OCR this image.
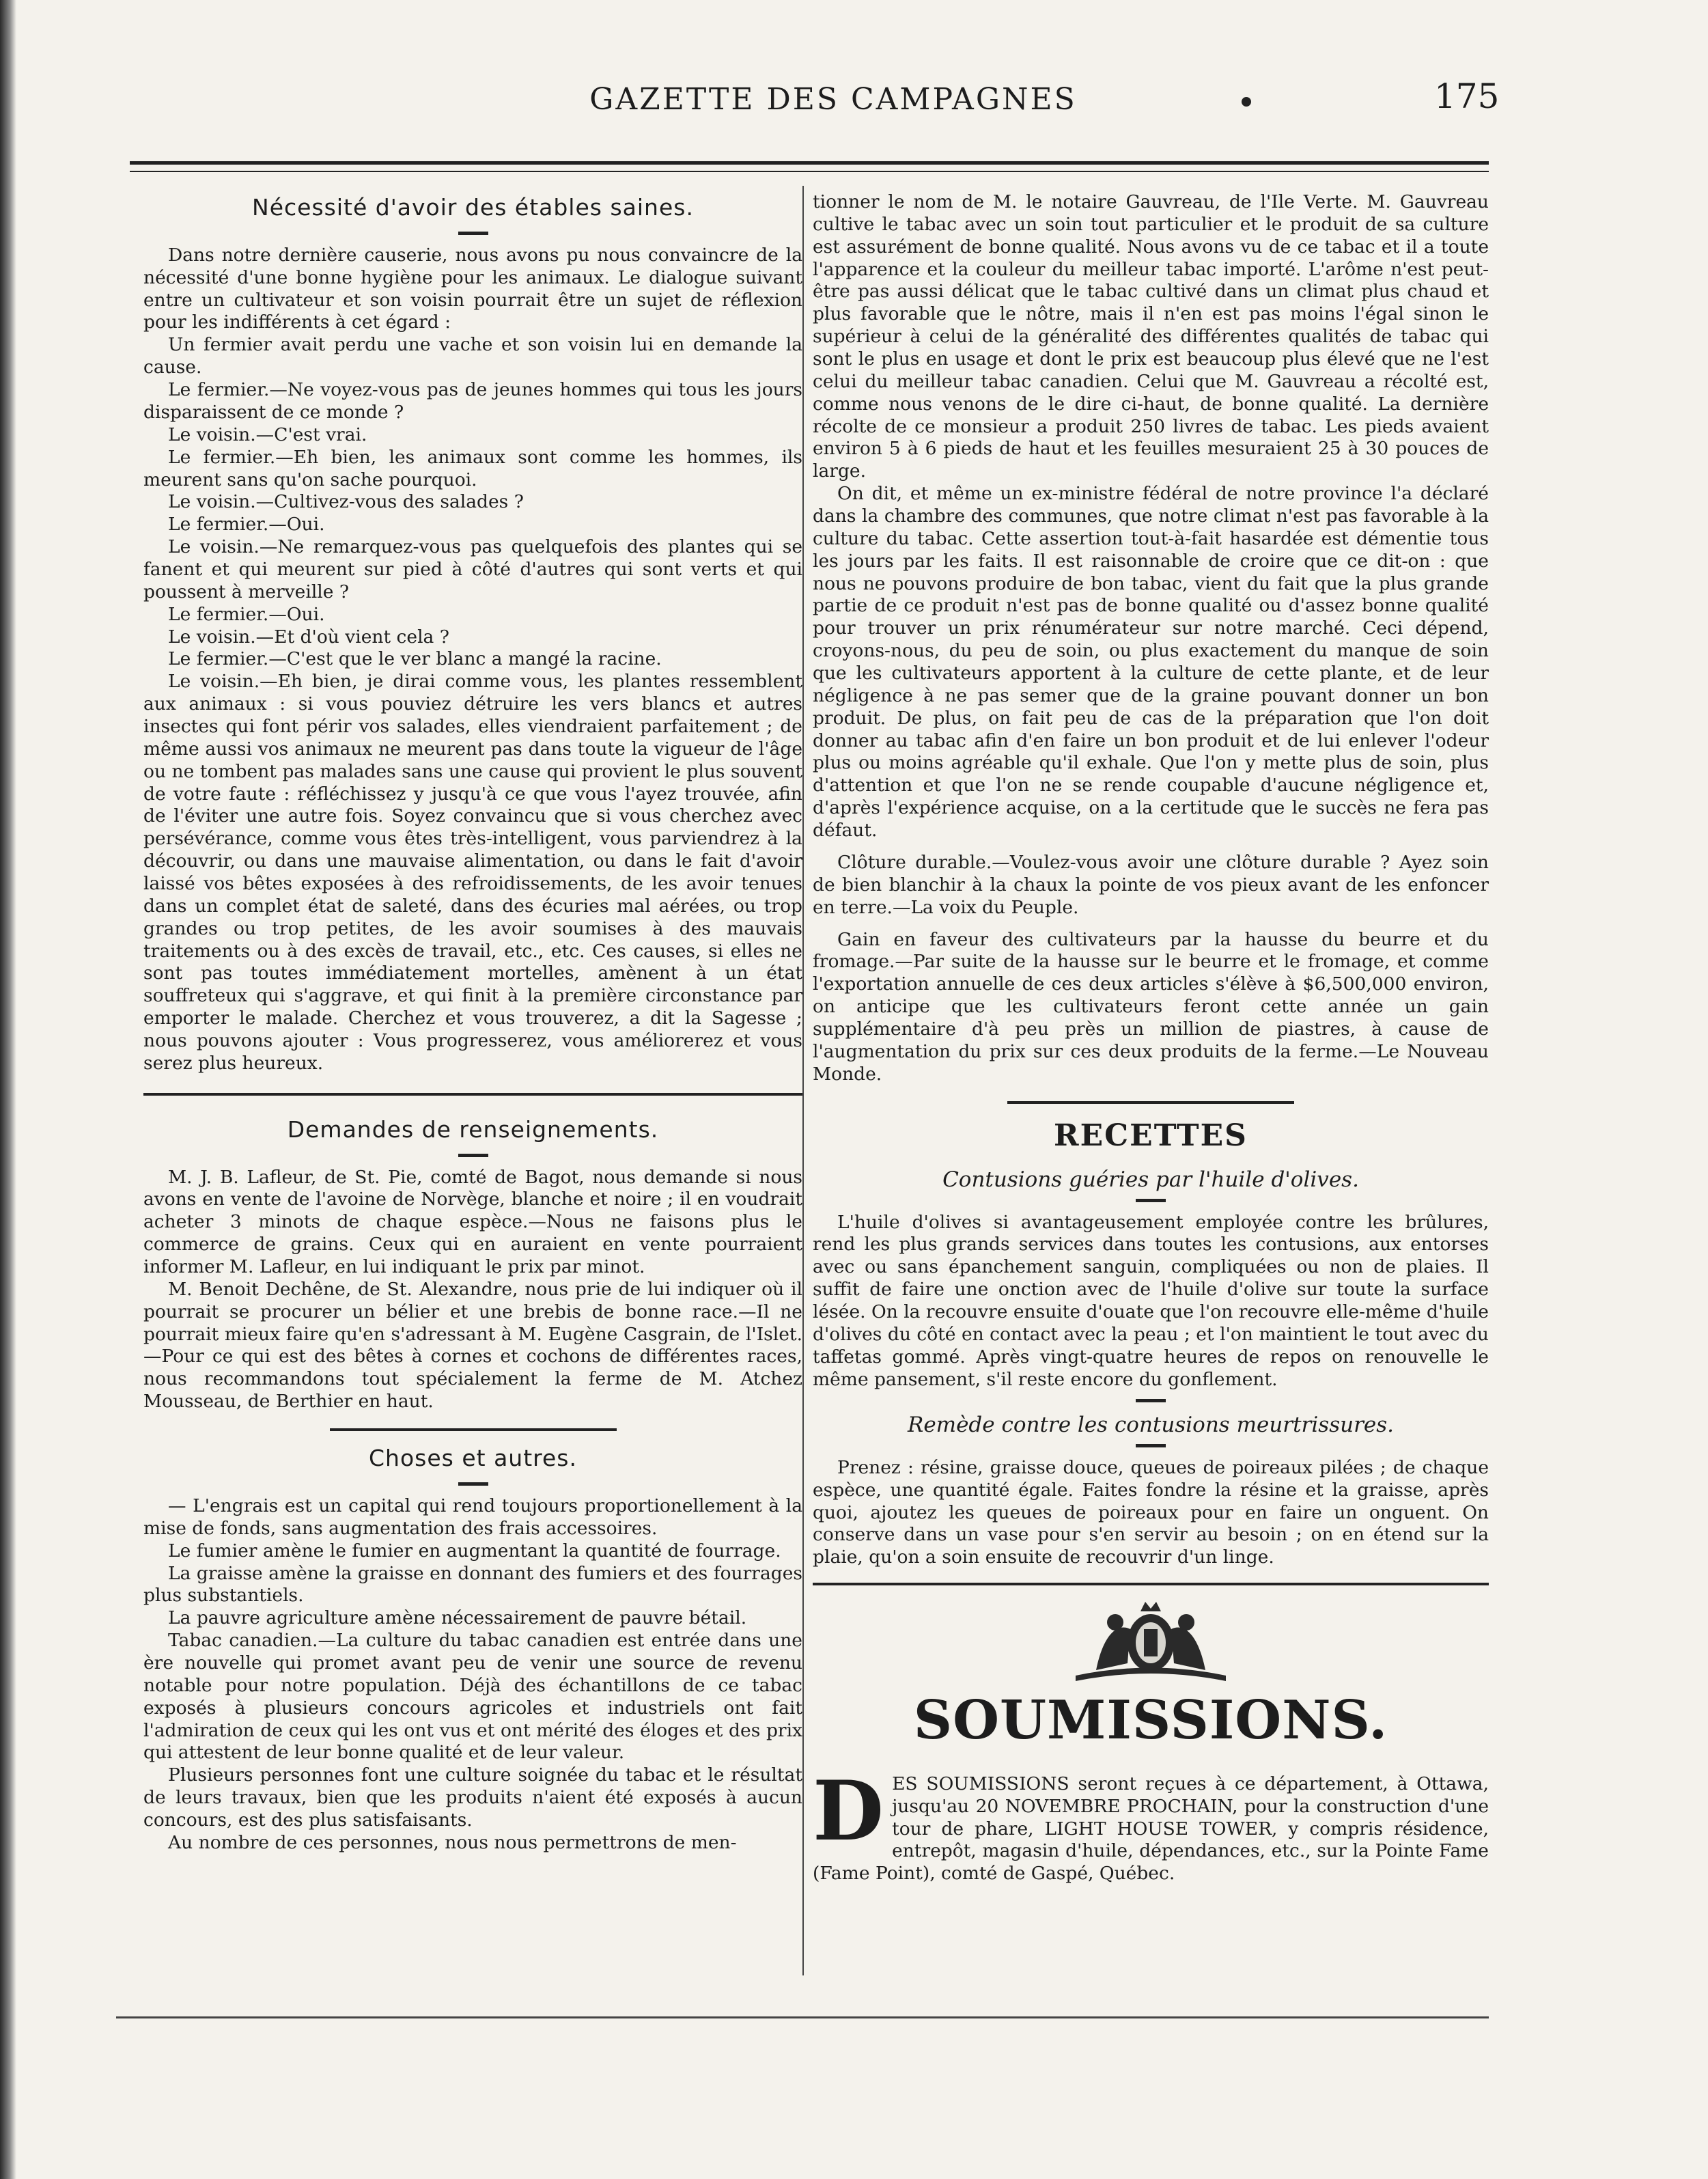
GAZETTE DES CAMPAGNES	175
Nécessité d'avoir des étables saines.

Dans notre dernière causerie, nous avons pu nous convaincre de la nécessité d'une bonne hygiène pour les animaux. Le dialogue suivant entre un cultivateur et son voisin pourrait être un sujet de réflexion pour les indifférents à cet égard :

Un fermier avait perdu une vache et son voisin lui en demande la cause.

Le fermier.—Ne voyez-vous pas de jeunes hommes qui tous les jours disparaissent de ce monde ?

Le voisin.—C'est vrai.

Le fermier.—Eh bien, les animaux sont comme les hommes, ils meurent sans qu'on sache pourquoi.

Le voisin.—Cultivez-vous des salades ?

Le fermier.—Oui.

Le voisin.—Ne remarquez-vous pas quelquefois des plantes qui se fanent et qui meurent sur pied à côté d'autres qui sont verts et qui poussent à merveille ?

Le fermier.—Oui.

Le voisin.—Et d'où vient cela ?

Le fermier.—C'est que le ver blanc a mangé la racine.

Le voisin.—Eh bien, je dirai comme vous, les plantes ressemblent aux animaux : si vous pouviez détruire les vers blancs et autres insectes qui font périr vos salades, elles viendraient parfaitement ; de même aussi vos animaux ne meurent pas dans toute la vigueur de l'âge ou ne tombent pas malades sans une cause qui provient le plus souvent de votre faute : réfléchissez y jusqu'à ce que vous l'ayez trouvée, afin de l'éviter une autre fois. Soyez convaincu que si vous cherchez avec persévérance, comme vous êtes très-intelligent, vous parviendrez à la découvrir, ou dans une mauvaise alimentation, ou dans le fait d'avoir laissé vos bêtes exposées à des refroidissements, de les avoir tenues dans un complet état de saleté, dans des écuries mal aérées, ou trop grandes ou trop petites, de les avoir soumises à des mauvais traitements ou à des excès de travail, etc., etc. Ces causes, si elles ne sont pas toutes immédiatement mortelles, amènent à un état souffreteux qui s'aggrave, et qui finit à la première circonstance par emporter le malade. Cherchez et vous trouverez, a dit la Sagesse ; nous pouvons ajouter : Vous progresserez, vous améliorerez et vous serez plus heureux.

Demandes de renseignements.

M. J. B. Lafleur, de St. Pie, comté de Bagot, nous demande si nous avons en vente de l'avoine de Norvège, blanche et noire ; il en voudrait acheter 3 minots de chaque espèce.—Nous ne faisons plus le commerce de grains. Ceux qui en auraient en vente pourraient informer M. Lafleur, en lui indiquant le prix par minot.

M. Benoit Dechêne, de St. Alexandre, nous prie de lui indiquer où il pourrait se procurer un bélier et une brebis de bonne race.—Il ne pourrait mieux faire qu'en s'adressant à M. Eugène Casgrain, de l'Islet.—Pour ce qui est des bêtes à cornes et cochons de différentes races, nous recommandons tout spécialement la ferme de M. Atchez Mousseau, de Berthier en haut.

Choses et autres.

— L'engrais est un capital qui rend toujours proportionellement à la mise de fonds, sans augmentation des frais accessoires.

Le fumier amène le fumier en augmentant la quantité de fourrage.

La graisse amène la graisse en donnant des fumiers et des fourrages plus substantiels.

La pauvre agriculture amène nécessairement de pauvre bétail.

Tabac canadien.—La culture du tabac canadien est entrée dans une ère nouvelle qui promet avant peu de venir une source de revenu notable pour notre population. Déjà des échantillons de ce tabac exposés à plusieurs concours agricoles et industriels ont fait l'admiration de ceux qui les ont vus et ont mérité des éloges et des prix qui attestent de leur bonne qualité et de leur valeur.

Plusieurs personnes font une culture soignée du tabac et le résultat de leurs travaux, bien que les produits n'aient été exposés à aucun concours, est des plus satisfaisants.

Au nombre de ces personnes, nous nous permettrons de men-

tionner le nom de M. le notaire Gauvreau, de l'Ile Verte. M. Gauvreau cultive le tabac avec un soin tout particulier et le produit de sa culture est assurément de bonne qualité. Nous avons vu de ce tabac et il a toute l'apparence et la couleur du meilleur tabac importé. L'arôme n'est peut-être pas aussi délicat que le tabac cultivé dans un climat plus chaud et plus favorable que le nôtre, mais il n'en est pas moins l'égal sinon le supérieur à celui de la généralité des différentes qualités de tabac qui sont le plus en usage et dont le prix est beaucoup plus élevé que ne l'est celui du meilleur tabac canadien. Celui que M. Gauvreau a récolté est, comme nous venons de le dire ci-haut, de bonne qualité. La dernière récolte de ce monsieur a produit 250 livres de tabac. Les pieds avaient environ 5 à 6 pieds de haut et les feuilles mesuraient 25 à 30 pouces de large.

On dit, et même un ex-ministre fédéral de notre province l'a déclaré dans la chambre des communes, que notre climat n'est pas favorable à la culture du tabac. Cette assertion tout-à-fait hasardée est démentie tous les jours par les faits. Il est raisonnable de croire que ce dit-on : que nous ne pouvons produire de bon tabac, vient du fait que la plus grande partie de ce produit n'est pas de bonne qualité ou d'assez bonne qualité pour trouver un prix rénumérateur sur notre marché. Ceci dépend, croyons-nous, du peu de soin, ou plus exactement du manque de soin que les cultivateurs apportent à la culture de cette plante, et de leur négligence à ne pas semer que de la graine pouvant donner un bon produit. De plus, on fait peu de cas de la préparation que l'on doit donner au tabac afin d'en faire un bon produit et de lui enlever l'odeur plus ou moins agréable qu'il exhale. Que l'on y mette plus de soin, plus d'attention et que l'on ne se rende coupable d'aucune négligence et, d'après l'expérience acquise, on a la certitude que le succès ne fera pas défaut.

Clôture durable.—Voulez-vous avoir une clôture durable ? Ayez soin de bien blanchir à la chaux la pointe de vos pieux avant de les enfoncer en terre.—La voix du Peuple.

Gain en faveur des cultivateurs par la hausse du beurre et du fromage.—Par suite de la hausse sur le beurre et le fromage, et comme l'exportation annuelle de ces deux articles s'élève à $6,500,000 environ, on anticipe que les cultivateurs feront cette année un gain supplémentaire d'à peu près un million de piastres, à cause de l'augmentation du prix sur ces deux produits de la ferme.—Le Nouveau Monde.

RECETTES
Contusions guéries par l'huile d'olives.

L'huile d'olives si avantageusement employée contre les brûlures, rend les plus grands services dans toutes les contusions, aux entorses avec ou sans épanchement sanguin, compliquées ou non de plaies. Il suffit de faire une onction avec de l'huile d'olive sur toute la surface lésée. On la recouvre ensuite d'ouate que l'on recouvre elle-même d'huile d'olives du côté en contact avec la peau ; et l'on maintient le tout avec du taffetas gommé. Après vingt-quatre heures de repos on renouvelle le même pansement, s'il reste encore du gonflement.

Remède contre les contusions meurtrissures.

Prenez : résine, graisse douce, queues de poireaux pilées ; de chaque espèce, une quantité égale. Faites fondre la résine et la graisse, après quoi, ajoutez les queues de poireaux pour en faire un onguent. On conserve dans un vase pour s'en servir au besoin ; on en étend sur la plaie, qu'on a soin ensuite de recouvrir d'un linge.

SOUMISSIONS.
D ES SOUMISSIONS seront reçues à ce département, à Ottawa, jusqu'au 20 NOVEMBRE PROCHAIN, pour la construction d'une tour de phare, LIGHT HOUSE TOWER, y compris résidence, entrepôt, magasin d'huile, dépendances, etc., sur la Pointe Fame (Fame Point), comté de Gaspé, Québec.
